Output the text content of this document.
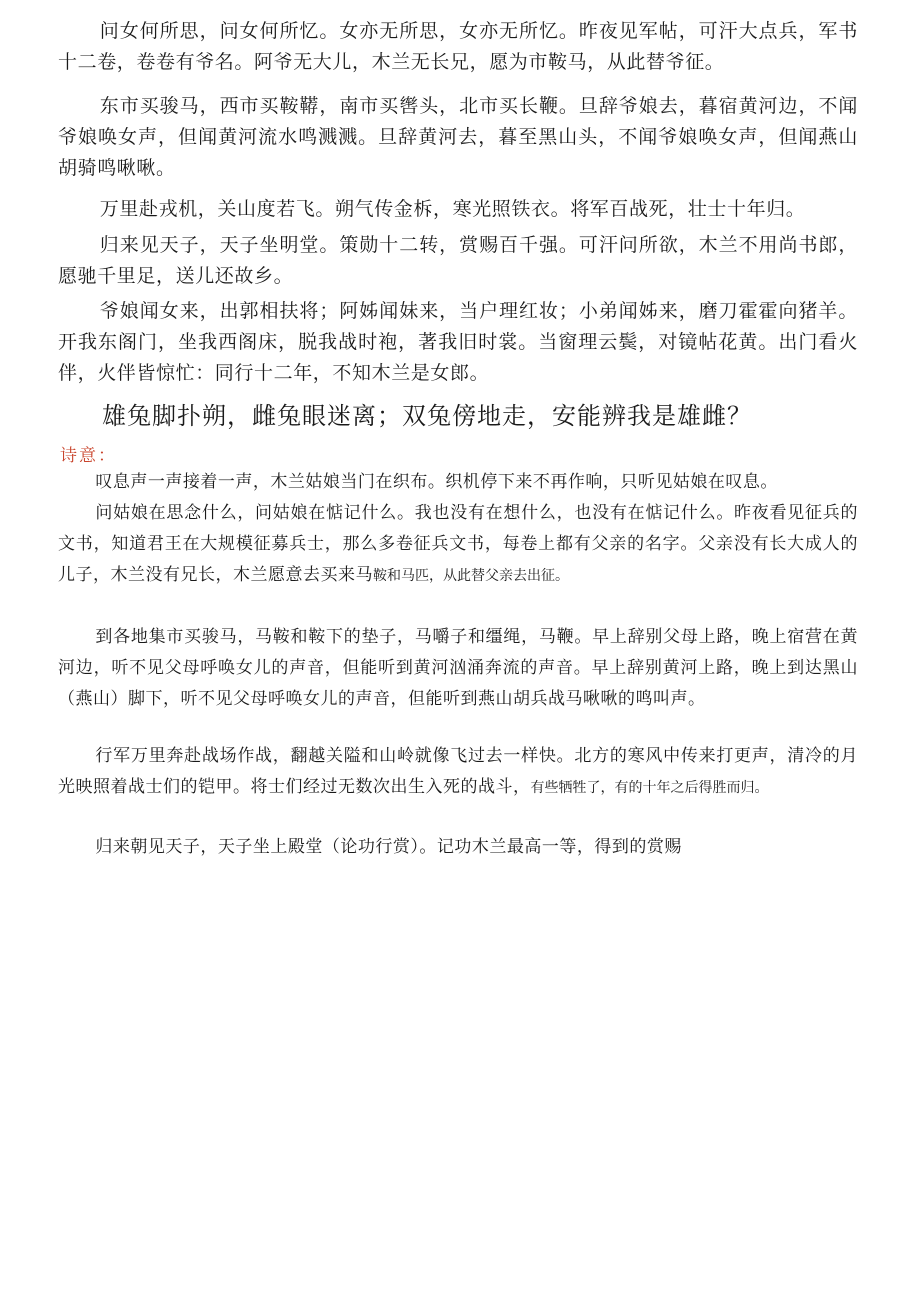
问女何所思，问女何所忆。女亦无所思，女亦无所忆。昨夜见军帖，可汗大点兵，军书十二卷，卷卷有爷名。阿爷无大儿，木兰无长兄，愿为市鞍马，从此替爷征。

东市买骏马，西市买鞍鞯，南市买辔头，北市买长鞭。旦辞爷娘去，暮宿黄河边，不闻爷娘唤女声，但闻黄河流水鸣溅溅。旦辞黄河去，暮至黑山头，不闻爷娘唤女声，但闻燕山胡骑鸣啾啾。

万里赴戎机，关山度若飞。朔气传金柝，寒光照铁衣。将军百战死，壮士十年归。

归来见天子，天子坐明堂。策勋十二转，赏赐百千强。可汗问所欲，木兰不用尚书郎，愿驰千里足，送儿还故乡。

爷娘闻女来，出郭相扶将；阿姊闻妹来，当户理红妆；小弟闻姊来，磨刀霍霍向猪羊。开我东阁门，坐我西阁床，脱我战时袍，著我旧时裳。当窗理云鬓，对镜帖花黄。出门看火伴，火伴皆惊忙：同行十二年，不知木兰是女郎。

雄兔脚扑朔，雌兔眼迷离；双兔傍地走，安能辨我是雄雌？
诗意：

叹息声一声接着一声，木兰姑娘当门在织布。织机停下来不再作响，只听见姑娘在叹息。

问姑娘在思念什么，问姑娘在惦记什么。我也没有在想什么，也没有在惦记什么。昨夜看见征兵的文书，知道君王在大规模征募兵士，那么多卷征兵文书，每卷上都有父亲的名字。父亲没有长大成人的儿子，木兰没有兄长，木兰愿意去买来马鞍和马匹，从此替父亲去出征。

到各地集市买骏马，马鞍和鞍下的垫子，马嚼子和缰绳，马鞭。早上辞别父母上路，晚上宿营在黄河边，听不见父母呼唤女儿的声音，但能听到黄河汹涌奔流的声音。早上辞别黄河上路，晚上到达黑山（燕山）脚下，听不见父母呼唤女儿的声音，但能听到燕山胡兵战马啾啾的鸣叫声。

行军万里奔赴战场作战，翻越关隘和山岭就像飞过去一样快。北方的寒风中传来打更声，清冷的月光映照着战士们的铠甲。将士们经过无数次出生入死的战斗，有些牺牲了，有的十年之后得胜而归。

归来朝见天子，天子坐上殿堂（论功行赏）。记功木兰最高一等，得到的赏赐
